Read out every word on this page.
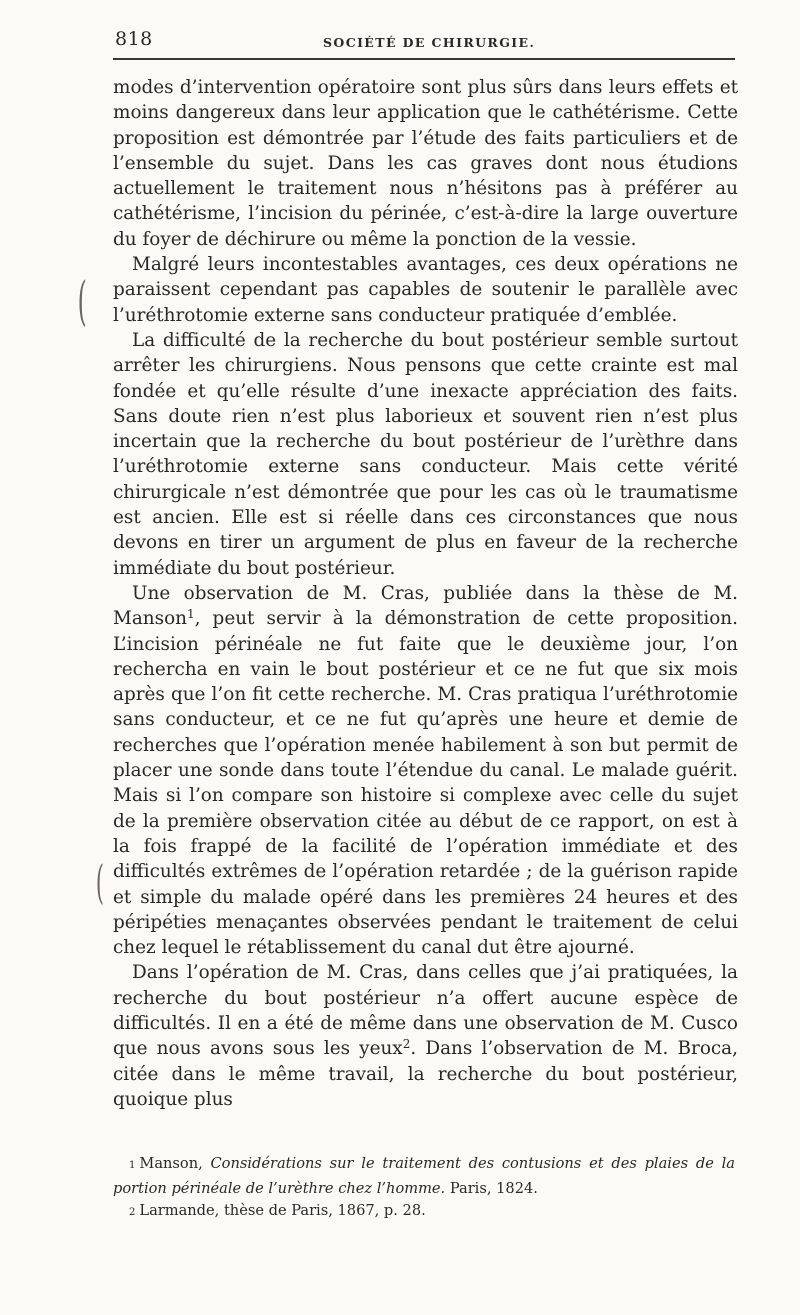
818	SOCIÉTÉ DE CHIRURGIE.

modes d’intervention opératoire sont plus sûrs dans leurs effets et moins dangereux dans leur application que le cathétérisme. Cette proposition est démontrée par l’étude des faits particuliers et de l’ensemble du sujet. Dans les cas graves dont nous étudions actuellement le traitement nous n’hésitons pas à préférer au cathétérisme, l’incision du périnée, c’est-à-dire la large ouverture du foyer de déchirure ou même la ponction de la vessie.

Malgré leurs incontestables avantages, ces deux opérations ne paraissent cependant pas capables de soutenir le parallèle avec l’uréthrotomie externe sans conducteur pratiquée d’emblée.

La difficulté de la recherche du bout postérieur semble surtout arrêter les chirurgiens. Nous pensons que cette crainte est mal fondée et qu’elle résulte d’une inexacte appréciation des faits. Sans doute rien n’est plus laborieux et souvent rien n’est plus incertain que la recherche du bout postérieur de l’urèthre dans l’uréthrotomie externe sans conducteur. Mais cette vérité chirurgicale n’est démontrée que pour les cas où le traumatisme est ancien. Elle est si réelle dans ces circonstances que nous devons en tirer un argument de plus en faveur de la recherche immédiate du bout postérieur.

Une observation de M. Cras, publiée dans la thèse de M. Manson$^1$, peut servir à la démonstration de cette proposition. L’incision périnéale ne fut faite que le deuxième jour, l’on rechercha en vain le bout postérieur et ce ne fut que six mois après que l’on fit cette recherche. M. Cras pratiqua l’uréthrotomie sans conducteur, et ce ne fut qu’après une heure et demie de recherches que l’opération menée habilement à son but permit de placer une sonde dans toute l’étendue du canal. Le malade guérit. Mais si l’on compare son histoire si complexe avec celle du sujet de la première observation citée au début de ce rapport, on est à la fois frappé de la facilité de l’opération immédiate et des difficultés extrêmes de l’opération retardée ; de la guérison rapide et simple du malade opéré dans les premières 24 heures et des péripéties menaçantes observées pendant le traitement de celui chez lequel le rétablissement du canal dut être ajourné.

Dans l’opération de M. Cras, dans celles que j’ai pratiquées, la recherche du bout postérieur n’a offert aucune espèce de difficultés. Il en a été de même dans une observation de M. Cusco que nous avons sous les yeux$^2$. Dans l’observation de M. Broca, citée dans le même travail, la recherche du bout postérieur, quoique plus

(
(

1 Manson, Considérations sur le traitement des contusions et des plaies de la portion périnéale de l’urèthre chez l’homme. Paris, 1824.

2 Larmande, thèse de Paris, 1867, p. 28.
